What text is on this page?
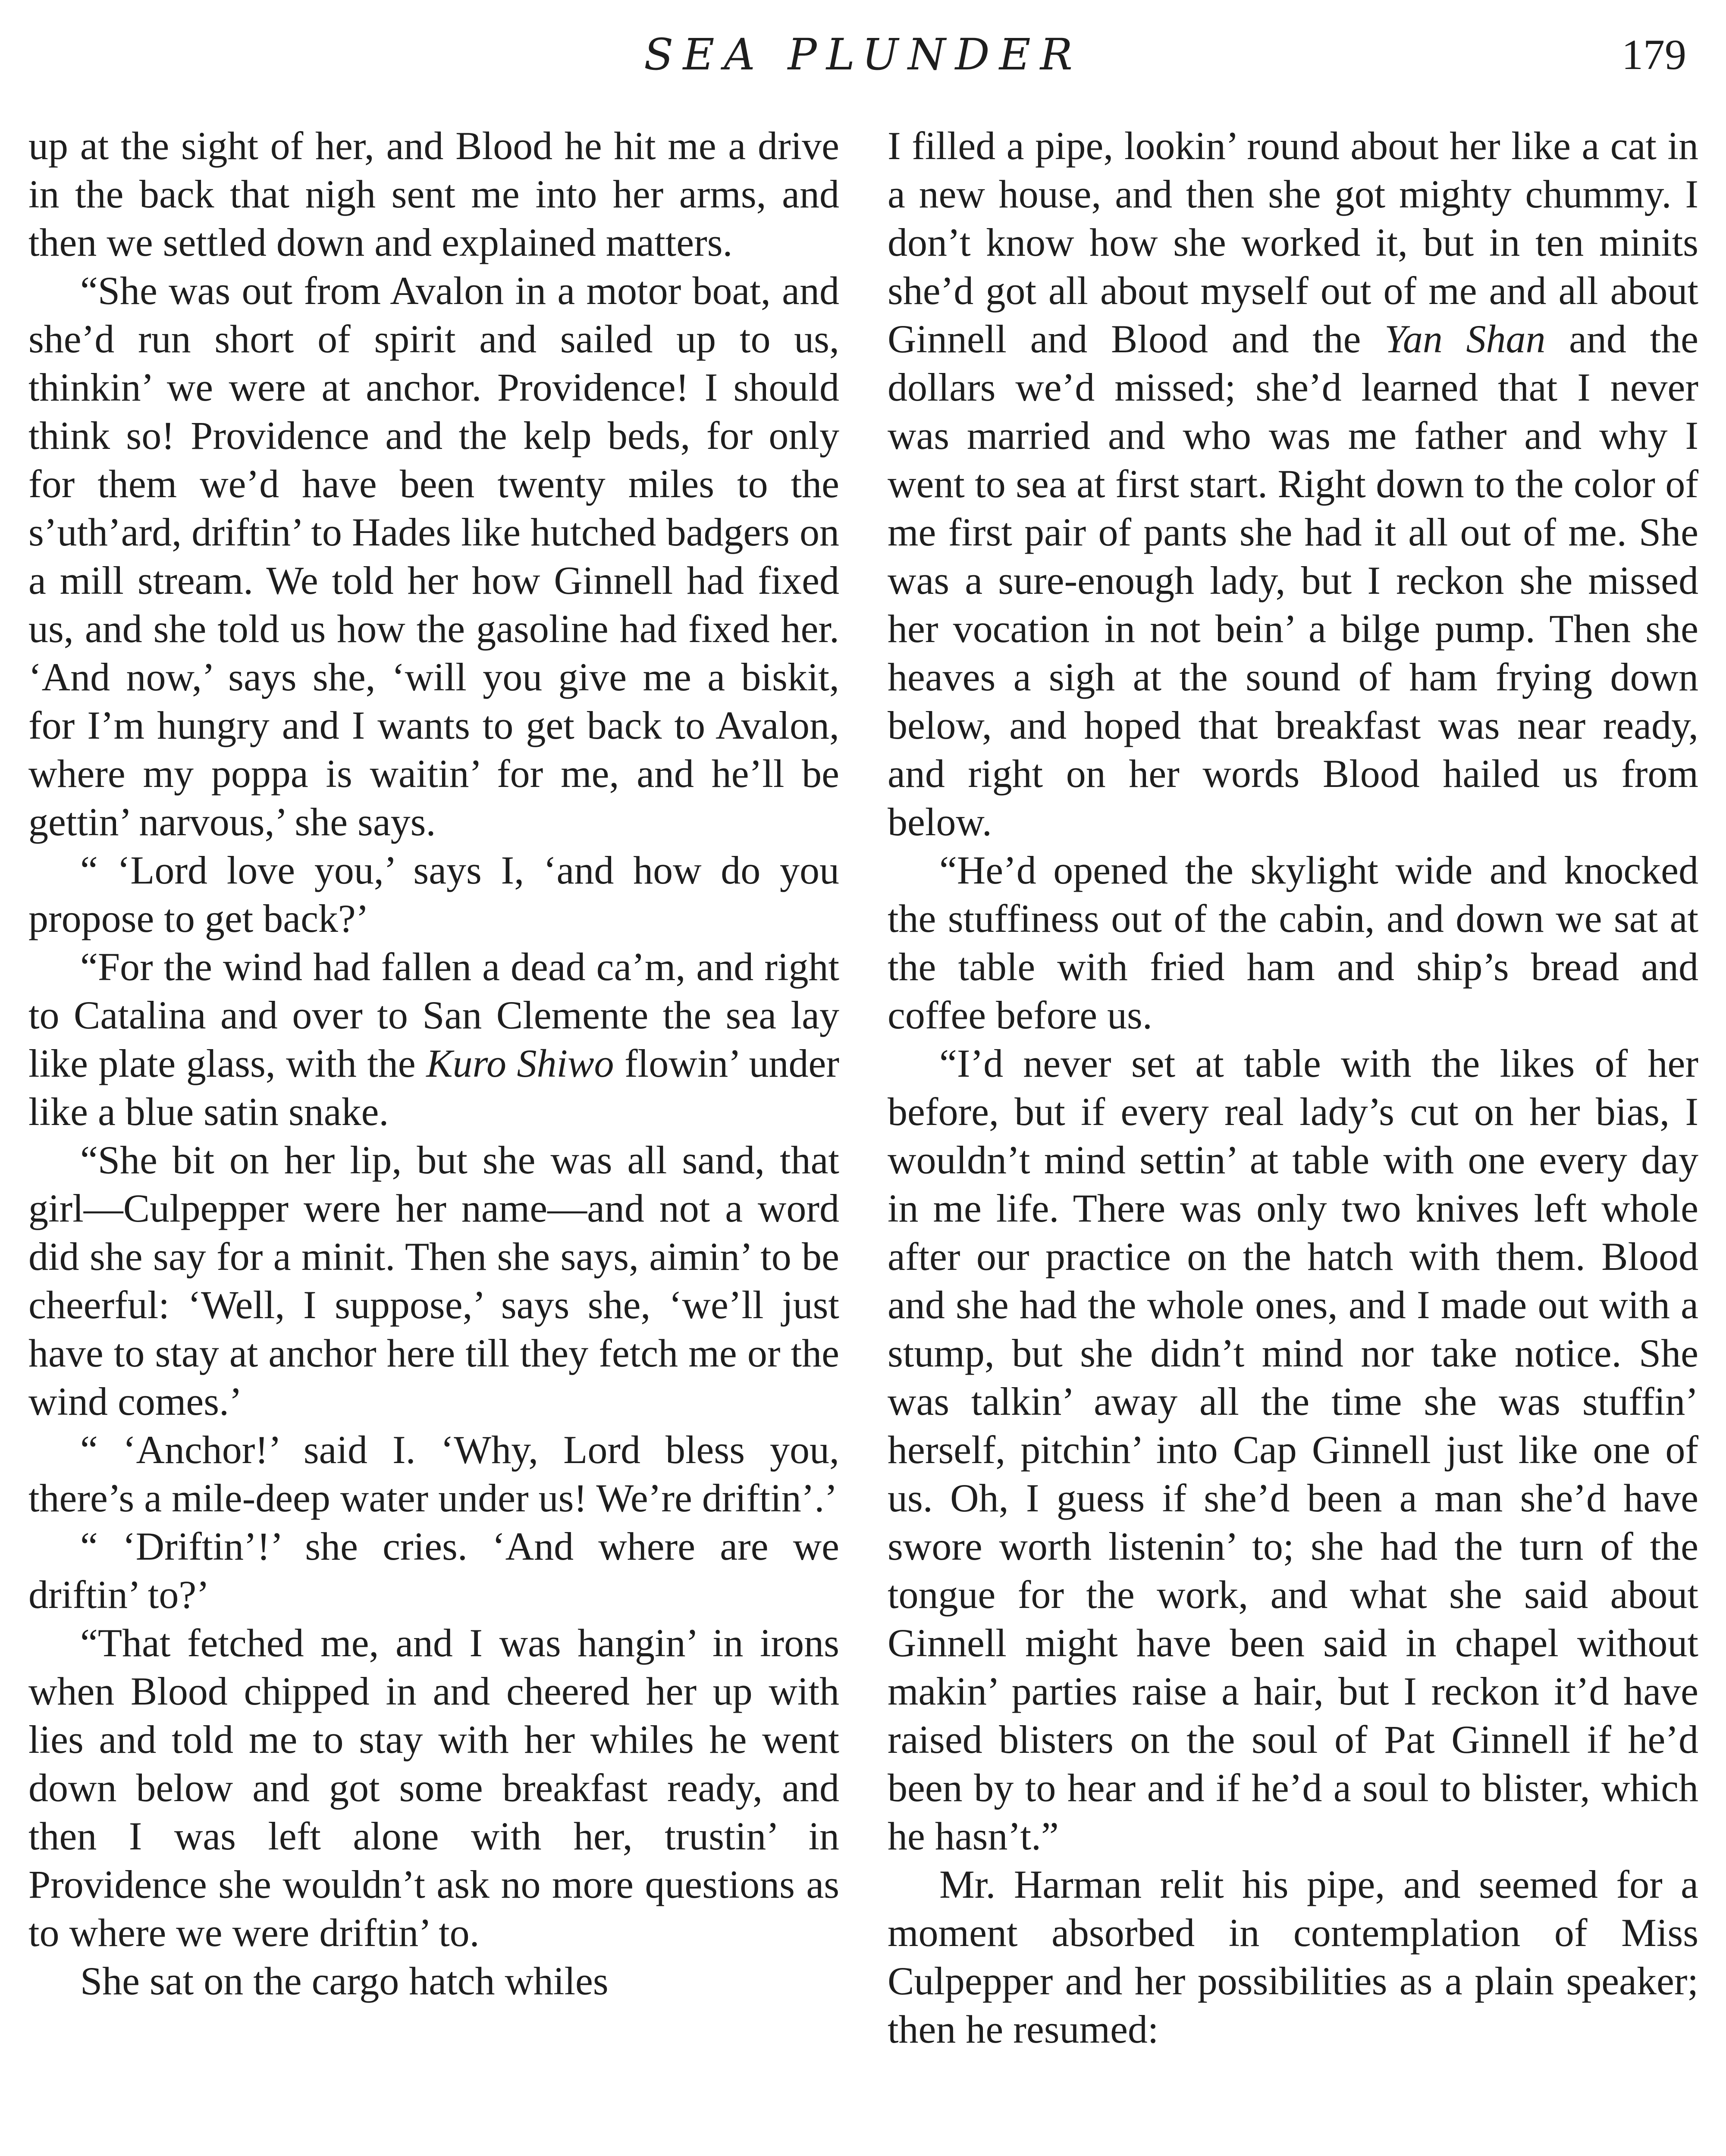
SEA PLUNDER	179

up at the sight of her, and Blood he hit me a drive in the back that nigh sent me into her arms, and then we settled down and explained matters.

“She was out from Avalon in a motor boat, and she’d run short of spirit and sailed up to us, thinkin’ we were at anchor. Providence! I should think so! Providence and the kelp beds, for only for them we’d have been twenty miles to the s’uth’ard, driftin’ to Hades like hutched badgers on a mill stream. We told her how Ginnell had fixed us, and she told us how the gasoline had fixed her. ‘And now,’ says she, ‘will you give me a biskit, for I’m hungry and I wants to get back to Avalon, where my poppa is waitin’ for me, and he’ll be gettin’ narvous,’ she says.

“ ‘Lord love you,’ says I, ‘and how do you propose to get back?’

“For the wind had fallen a dead ca’m, and right to Catalina and over to San Clemente the sea lay like plate glass, with the Kuro Shiwo flowin’ under like a blue satin snake.

“She bit on her lip, but she was all sand, that girl—Culpepper were her name—and not a word did she say for a minit. Then she says, aimin’ to be cheerful: ‘Well, I suppose,’ says she, ‘we’ll just have to stay at anchor here till they fetch me or the wind comes.’

“ ‘Anchor!’ said I. ‘Why, Lord bless you, there’s a mile-deep water under us! We’re driftin’.’

“ ‘Driftin’!’ she cries. ‘And where are we driftin’ to?’

“That fetched me, and I was hangin’ in irons when Blood chipped in and cheered her up with lies and told me to stay with her whiles he went down below and got some breakfast ready, and then I was left alone with her, trustin’ in Providence she wouldn’t ask no more questions as to where we were driftin’ to.

She sat on the cargo hatch whiles

I filled a pipe, lookin’ round about her like a cat in a new house, and then she got mighty chummy. I don’t know how she worked it, but in ten minits she’d got all about myself out of me and all about Ginnell and Blood and the Yan Shan and the dollars we’d missed; she’d learned that I never was married and who was me father and why I went to sea at first start. Right down to the color of me first pair of pants she had it all out of me. She was a sure-enough lady, but I reckon she missed her vocation in not bein’ a bilge pump. Then she heaves a sigh at the sound of ham frying down below, and hoped that breakfast was near ready, and right on her words Blood hailed us from below.

“He’d opened the skylight wide and knocked the stuffiness out of the cabin, and down we sat at the table with fried ham and ship’s bread and coffee before us.

“I’d never set at table with the likes of her before, but if every real lady’s cut on her bias, I wouldn’t mind settin’ at table with one every day in me life. There was only two knives left whole after our practice on the hatch with them. Blood and she had the whole ones, and I made out with a stump, but she didn’t mind nor take notice. She was talkin’ away all the time she was stuffin’ herself, pitchin’ into Cap Ginnell just like one of us. Oh, I guess if she’d been a man she’d have swore worth listenin’ to; she had the turn of the tongue for the work, and what she said about Ginnell might have been said in chapel without makin’ parties raise a hair, but I reckon it’d have raised blisters on the soul of Pat Ginnell if he’d been by to hear and if he’d a soul to blister, which he hasn’t.”

Mr. Harman relit his pipe, and seemed for a moment absorbed in contemplation of Miss Culpepper and her possibilities as a plain speaker; then he resumed:
